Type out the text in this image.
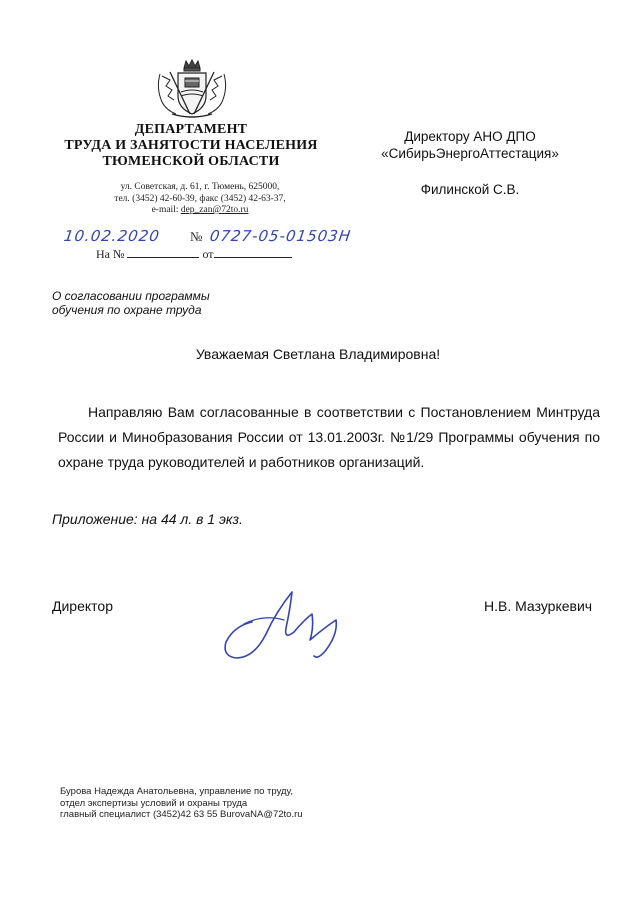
ДЕПАРТАМЕНТ
ТРУДА И ЗАНЯТОСТИ НАСЕЛЕНИЯ
ТЮМЕНСКОЙ ОБЛАСТИ
ул. Советская, д. 61, г. Тюмень, 625000,
тел. (3452) 42-60-39, факс (3452) 42-63-37,
e-mail: dep_zan@72to.ru
10.02.2020 № 0727-05-01503Н
На №	от
Директору АНО ДПО
«СибирьЭнергоАттестация»
Филинской С.В.
О согласовании программы
обучения по охране труда
Уважаемая Светлана Владимировна!
Направляю Вам согласованные в соответствии с Постановлением Минтруда России и Минобразования России от 13.01.2003г. №1/29 Программы обучения по охране труда руководителей и работников организаций.
Приложение: на 44 л. в 1 экз.
Директор	Н.В. Мазуркевич
Бурова Надежда Анатольевна, управление по труду,
отдел экспертизы условий и охраны труда
главный специалист (3452)42 63 55 BurovaNA@72to.ru
